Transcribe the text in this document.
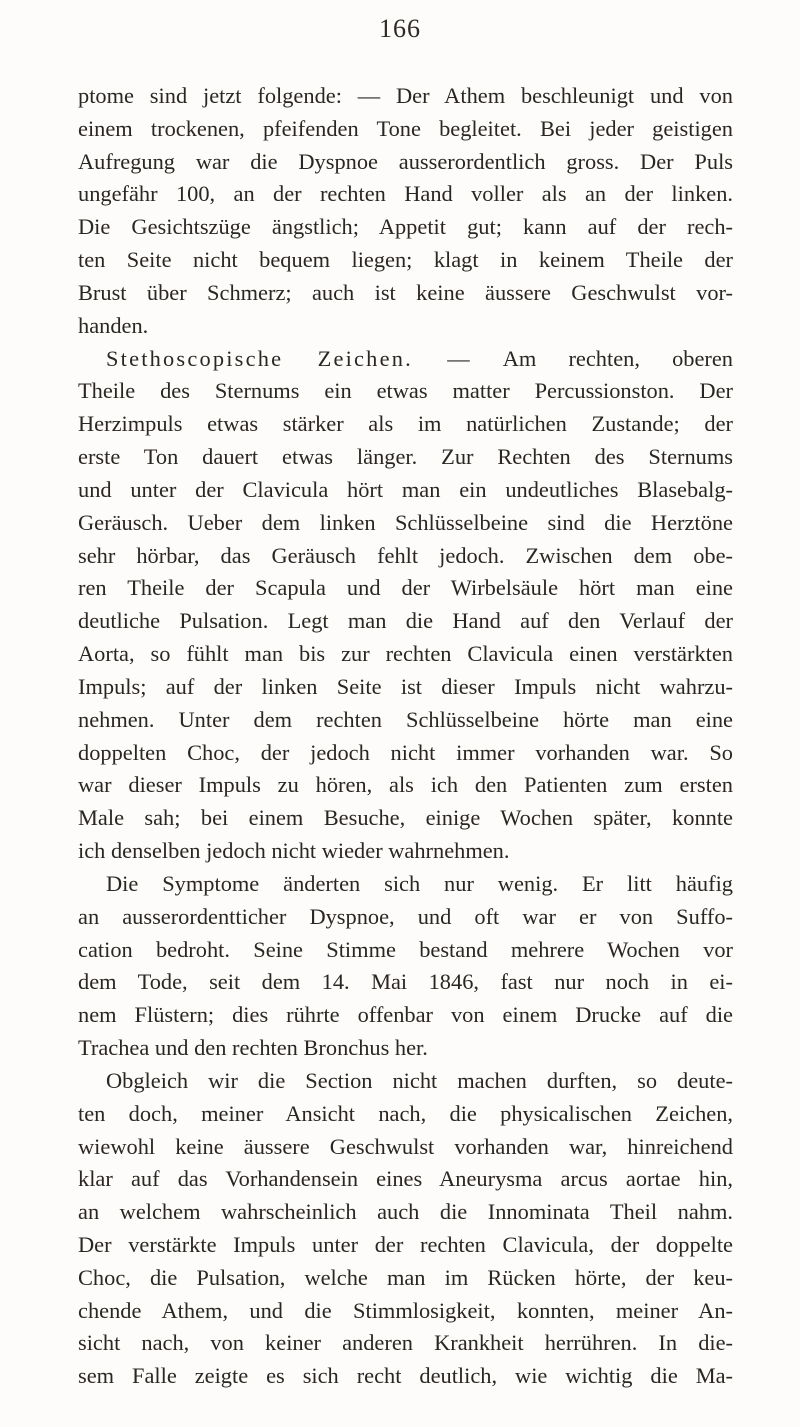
166
ptome sind jetzt folgende: — Der Athem beschleunigt und von
einem trockenen, pfeifenden Tone begleitet. Bei jeder geistigen
Aufregung war die Dyspnoe ausserordentlich gross. Der Puls
ungefähr 100, an der rechten Hand voller als an der linken.
Die Gesichtszüge ängstlich; Appetit gut; kann auf der rech-
ten Seite nicht bequem liegen; klagt in keinem Theile der
Brust über Schmerz; auch ist keine äussere Geschwulst vor-
handen.
Stethoscopische Zeichen. — Am rechten, oberen
Theile des Sternums ein etwas matter Percussionston. Der
Herzimpuls etwas stärker als im natürlichen Zustande; der
erste Ton dauert etwas länger. Zur Rechten des Sternums
und unter der Clavicula hört man ein undeutliches Blasebalg-
Geräusch. Ueber dem linken Schlüsselbeine sind die Herztöne
sehr hörbar, das Geräusch fehlt jedoch. Zwischen dem obe-
ren Theile der Scapula und der Wirbelsäule hört man eine
deutliche Pulsation. Legt man die Hand auf den Verlauf der
Aorta, so fühlt man bis zur rechten Clavicula einen verstärkten
Impuls; auf der linken Seite ist dieser Impuls nicht wahrzu-
nehmen. Unter dem rechten Schlüsselbeine hörte man eine
doppelten Choc, der jedoch nicht immer vorhanden war. So
war dieser Impuls zu hören, als ich den Patienten zum ersten
Male sah; bei einem Besuche, einige Wochen später, konnte
ich denselben jedoch nicht wieder wahrnehmen.
Die Symptome änderten sich nur wenig. Er litt häufig
an ausserordentticher Dyspnoe, und oft war er von Suffo-
cation bedroht. Seine Stimme bestand mehrere Wochen vor
dem Tode, seit dem 14. Mai 1846, fast nur noch in ei-
nem Flüstern; dies rührte offenbar von einem Drucke auf die
Trachea und den rechten Bronchus her.
Obgleich wir die Section nicht machen durften, so deute-
ten doch, meiner Ansicht nach, die physicalischen Zeichen,
wiewohl keine äussere Geschwulst vorhanden war, hinreichend
klar auf das Vorhandensein eines Aneurysma arcus aortae hin,
an welchem wahrscheinlich auch die Innominata Theil nahm.
Der verstärkte Impuls unter der rechten Clavicula, der doppelte
Choc, die Pulsation, welche man im Rücken hörte, der keu-
chende Athem, und die Stimmlosigkeit, konnten, meiner An-
sicht nach, von keiner anderen Krankheit herrühren. In die-
sem Falle zeigte es sich recht deutlich, wie wichtig die Ma-
